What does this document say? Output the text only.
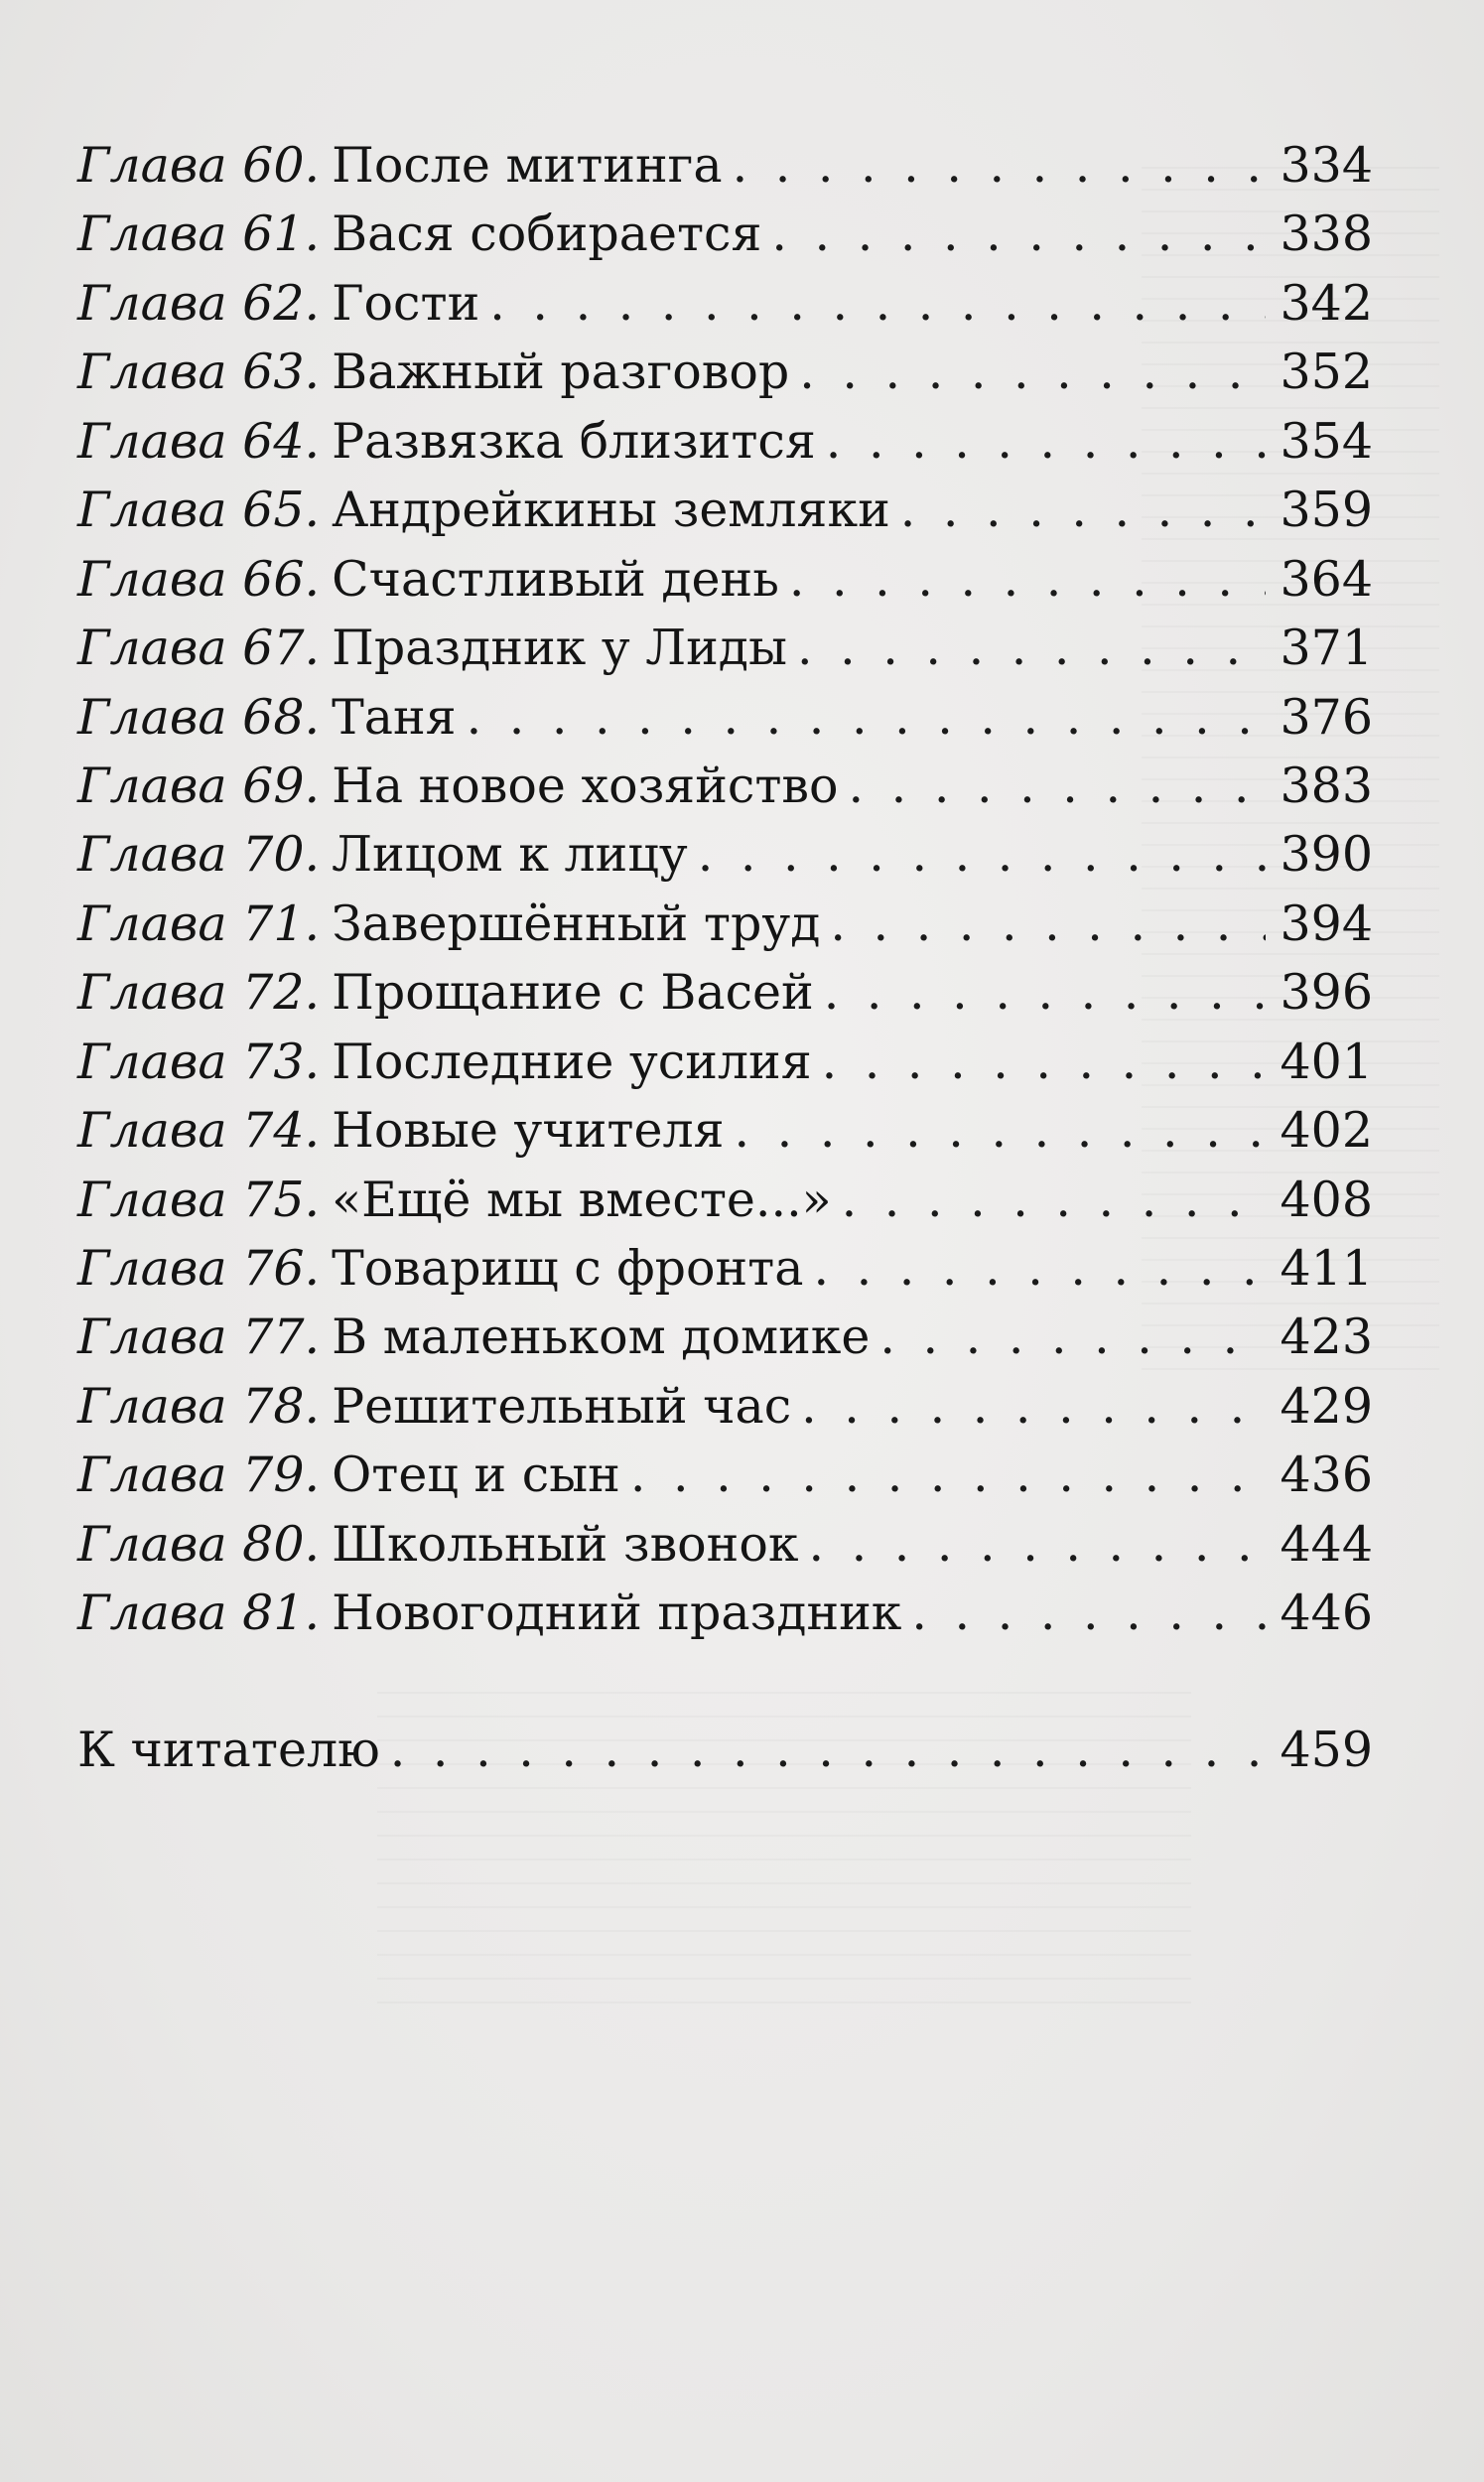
Глава 60. После митинга . . .	334
Глава 61. Вася собирается . . .	338
Глава 62. Гости . . .	342
Глава 63. Важный разговор . . .	352
Глава 64. Развязка близится . . .	354
Глава 65. Андрейкины земляки . . .	359
Глава 66. Счастливый день . . .	364
Глава 67. Праздник у Лиды . . .	371
Глава 68. Таня . . .	376
Глава 69. На новое хозяйство . . .	383
Глава 70. Лицом к лицу . . .	390
Глава 71. Завершённый труд . . .	394
Глава 72. Прощание с Васей . . .	396
Глава 73. Последние усилия . . .	401
Глава 74. Новые учителя . . .	402
Глава 75. «Ещё мы вместе...» . . .	408
Глава 76. Товарищ с фронта . . .	411
Глава 77. В маленьком домике . . .	423
Глава 78. Решительный час . . .	429
Глава 79. Отец и сын . . .	436
Глава 80. Школьный звонок . . .	444
Глава 81. Новогодний праздник . . .	446
К читателю . . .	459
